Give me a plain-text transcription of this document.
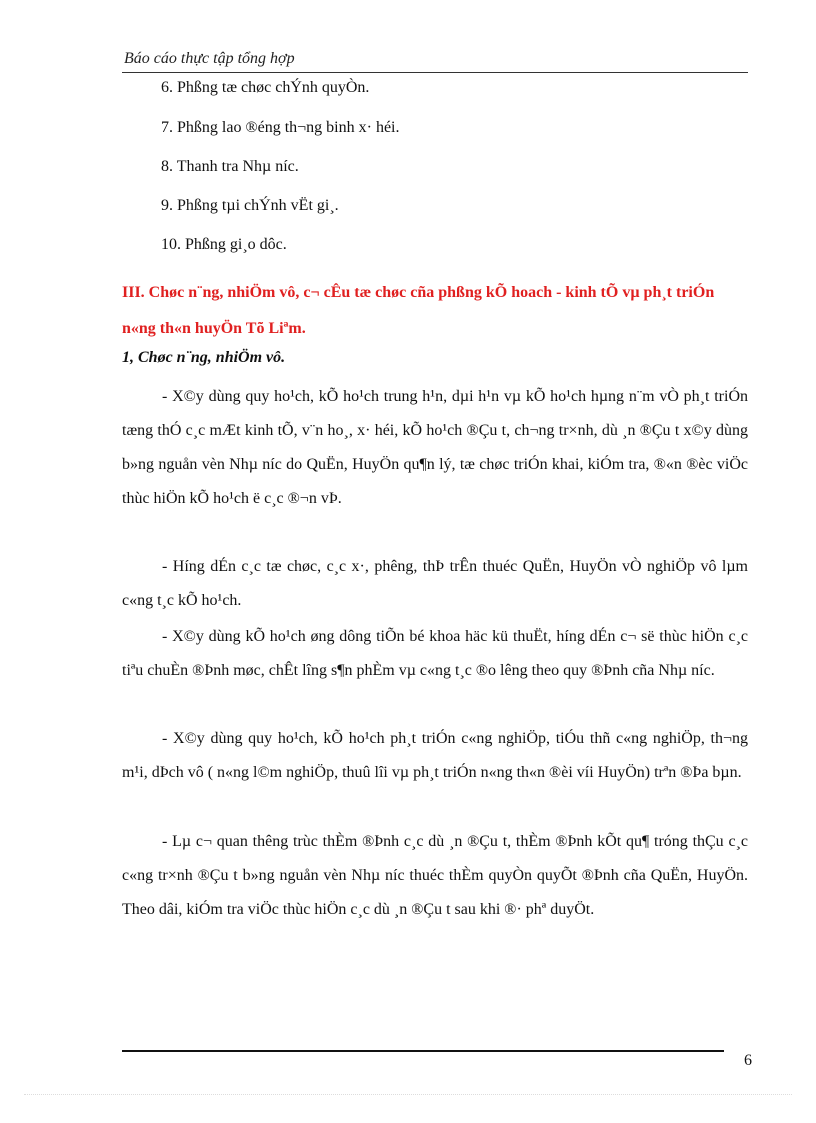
Báo cáo thực tập tổng hợp
6. Phßng tæ chøc chÝnh quyÒn.
7. Phßng lao ®éng th¬ng binh x· héi.
8. Thanh tra Nhµ níc.
9. Phßng tµi chÝnh vËt gi¸.
10. Phßng gi¸o dôc.
III. Chøc n¨ng, nhiÖm vô, c¬ cÊu tæ chøc cña phßng kÕ hoach - kinh tÕ vµ ph¸t triÓn n«ng th«n huyÖn Tõ Liªm.
1, Chøc n¨ng, nhiÖm vô.

- X©y dùng quy ho¹ch, kÕ ho¹ch trung h¹n, dµi h¹n vµ kÕ ho¹ch hµng n¨m vÒ ph¸t triÓn tæng thÓ c¸c mÆt kinh tÕ, v¨n ho¸, x· héi, kÕ ho¹ch ®Çu t, ch¬ng tr×nh, dù ¸n ®Çu t x©y dùng b»ng nguån vèn Nhµ níc do QuËn, HuyÖn qu¶n lý, tæ chøc triÓn khai, kiÓm tra, ®«n ®èc viÖc thùc hiÖn kÕ ho¹ch ë c¸c ®¬n vÞ.

- Híng dÉn c¸c tæ chøc, c¸c x·, phêng, thÞ trÊn thuéc QuËn, HuyÖn vÒ nghiÖp vô lµm c«ng t¸c kÕ ho¹ch.

- X©y dùng kÕ ho¹ch øng dông tiÕn bé khoa häc kü thuËt, híng dÉn c¬ së thùc hiÖn c¸c tiªu chuÈn ®Þnh møc, chÊt lîng s¶n phÈm vµ c«ng t¸c ®o lêng theo quy ®Þnh cña Nhµ níc.

- X©y dùng quy ho¹ch, kÕ ho¹ch ph¸t triÓn c«ng nghiÖp, tiÓu thñ c«ng nghiÖp, th¬ng m¹i, dÞch vô ( n«ng l©m nghiÖp, thuû lîi vµ ph¸t triÓn n«ng th«n ®èi víi HuyÖn) trªn ®Þa bµn.

- Lµ c¬ quan thêng trùc thÈm ®Þnh c¸c dù ¸n ®Çu t, thÈm ®Þnh kÕt qu¶ tróng thÇu c¸c c«ng tr×nh ®Çu t b»ng nguån vèn Nhµ níc thuéc thÈm quyÒn quyÕt ®Þnh cña QuËn, HuyÖn. Theo dâi, kiÓm tra viÖc thùc hiÖn c¸c dù ¸n ®Çu t sau khi ®· phª duyÖt.

6
